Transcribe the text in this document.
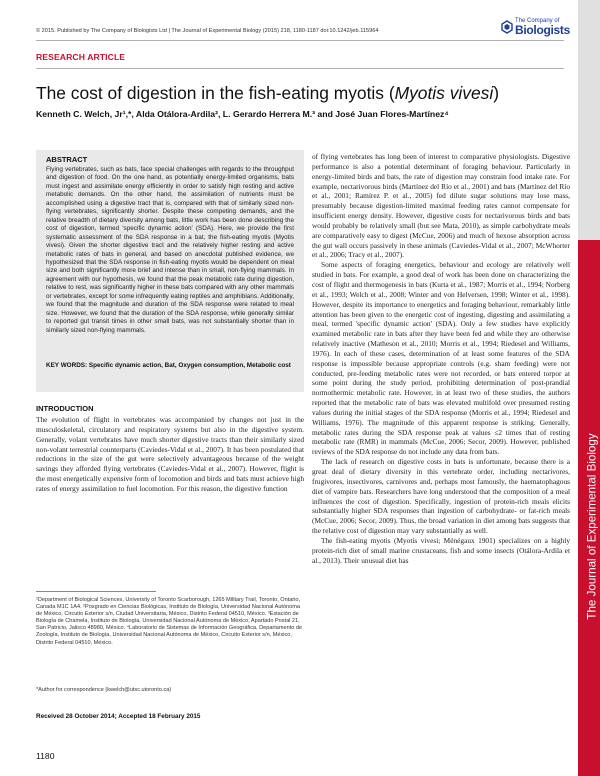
© 2015. Published by The Company of Biologists Ltd | The Journal of Experimental Biology (2015) 218, 1180-1187 doi:10.1242/jeb.115964
The Company of
Biologists
RESEARCH ARTICLE
The cost of digestion in the fish-eating myotis (Myotis vivesi)
Kenneth C. Welch, Jr¹,*, Alda Otálora-Ardila², L. Gerardo Herrera M.³ and José Juan Flores-Martínez⁴
ABSTRACT

Flying vertebrates, such as bats, face special challenges with regards to the throughput and digestion of food. On the one hand, as potentially energy-limited organisms, bats must ingest and assimilate energy efficiently in order to satisfy high resting and active metabolic demands. On the other hand, the assimilation of nutrients must be accomplished using a digestive tract that is, compared with that of similarly sized non-flying vertebrates, significantly shorter. Despite these competing demands, and the relative breadth of dietary diversity among bats, little work has been done describing the cost of digestion, termed 'specific dynamic action' (SDA). Here, we provide the first systematic assessment of the SDA response in a bat, the fish-eating myotis (Myotis vivesi). Given the shorter digestive tract and the relatively higher resting and active metabolic rates of bats in general, and based on anecdotal published evidence, we hypothesized that the SDA response in fish-eating myotis would be dependent on meal size and both significantly more brief and intense than in small, non-flying mammals. In agreement with our hypothesis, we found that the peak metabolic rate during digestion, relative to rest, was significantly higher in these bats compared with any other mammals or vertebrates, except for some infrequently eating reptiles and amphibians. Additionally, we found that the magnitude and duration of the SDA response were related to meal size. However, we found that the duration of the SDA response, while generally similar to reported gut transit times in other small bats, was not substantially shorter than in similarly sized non-flying mammals.

KEY WORDS: Specific dynamic action, Bat, Oxygen consumption, Metabolic cost
INTRODUCTION

The evolution of flight in vertebrates was accompanied by changes not just in the musculoskeletal, circulatory and respiratory systems but also in the digestive system. Generally, volant vertebrates have much shorter digestive tracts than their similarly sized non-volant terrestrial counterparts (Caviedes-Vidal et al., 2007). It has been postulated that reductions in the size of the gut were selectively advantageous because of the weight savings they afforded flying vertebrates (Caviedes-Vidal et al., 2007). However, flight is the most energetically expensive form of locomotion and birds and bats must achieve high rates of energy assimilation to fuel locomotion. For this reason, the digestive function

¹Department of Biological Sciences, University of Toronto Scarborough, 1265 Military Trail, Toronto, Ontario, Canada M1C 1A4. ²Posgrado en Ciencias Biológicas, Instituto de Biología, Universidad Nacional Autónoma de México, Circuito Exterior s/n, Ciudad Universitaria, México, Distrito Federal 04510, México. ³Estación de Biología de Chamela, Instituto de Biología, Universidad Nacional Autónoma de México, Apartado Postal 21, San Patricio, Jalisco 48980, México. ⁴Laboratorio de Sistemas de Información Geográfica, Departamento de Zoología, Instituto de Biología, Universidad Nacional Autónoma de México, Circuito Exterior s/n, México, Distrito Federal 04510, México.

*Author for correspondence (kwelch@utsc.utoronto.ca)
Received 28 October 2014; Accepted 18 February 2015

of flying vertebrates has long been of interest to comparative physiologists. Digestive performance is also a potential determinant of foraging behaviour. Particularly in energy-limited birds and bats, the rate of digestion may constrain food intake rate. For example, nectarivorous birds (Martínez del Río et al., 2001) and bats (Martínez del Río et al., 2001; Ramírez P. et al., 2005) fed dilute sugar solutions may lose mass, presumably because digestion-limited maximal feeding rates cannot compensate for insufficient energy density. However, digestive costs for nectarivorous birds and bats would probably be relatively small (but see Mata, 2010), as simple carbohydrate meals are comparatively easy to digest (McCue, 2006) and much of hexose absorption across the gut wall occurs passively in these animals (Caviedes-Vidal et al., 2007; McWhorter et al., 2006; Tracy et al., 2007).

Some aspects of foraging energetics, behaviour and ecology are relatively well studied in bats. For example, a good deal of work has been done on characterizing the cost of flight and thermogenesis in bats (Kurta et al., 1987; Morris et al., 1994; Norberg et al., 1993; Welch et al., 2008; Winter and von Helversen, 1998; Winter et al., 1998). However, despite its importance to energetics and foraging behaviour, remarkably little attention has been given to the energetic cost of ingesting, digesting and assimilating a meal, termed 'specific dynamic action' (SDA). Only a few studies have explicitly examined metabolic rate in bats after they have been fed and while they are otherwise relatively inactive (Matheson et al., 2010; Morris et al., 1994; Riedesel and Williams, 1976). In each of these cases, determination of at least some features of the SDA response is impossible because appropriate controls (e.g. sham feeding) were not conducted, pre-feeding metabolic rates were not recorded, or bats entered torpor at some point during the study period, prohibiting determination of post-prandial normothermic metabolic rate. However, in at least two of these studies, the authors reported that the metabolic rate of bats was elevated multifold over presumed resting values during the initial stages of the SDA response (Morris et al., 1994; Riedesel and Williams, 1976). The magnitude of this apparent response is striking. Generally, metabolic rates during the SDA response peak at values ≤2 times that of resting metabolic rate (RMR) in mammals (McCue, 2006; Secor, 2009). However, published reviews of the SDA response do not include any data from bats.

The lack of research on digestive costs in bats is unfortunate, because there is a great deal of dietary diversity in this vertebrate order, including nectarivores, frugivores, insectivores, carnivores and, perhaps most famously, the haematophagous diet of vampire bats. Researchers have long understood that the composition of a meal influences the cost of digestion. Specifically, ingestion of protein-rich meals elicits substantially higher SDA responses than ingestion of carbohydrate- or fat-rich meals (McCue, 2006; Secor, 2009). Thus, the broad variation in diet among bats suggests that the relative cost of digestion may vary substantially as well.

The fish-eating myotis (Myotis vivesi; Ménégaux 1901) specializes on a highly protein-rich diet of small marine crustaceans, fish and some insects (Otálora-Ardila et al., 2013). Their unusual diet has	The Journal of Experimental Biology
1180
